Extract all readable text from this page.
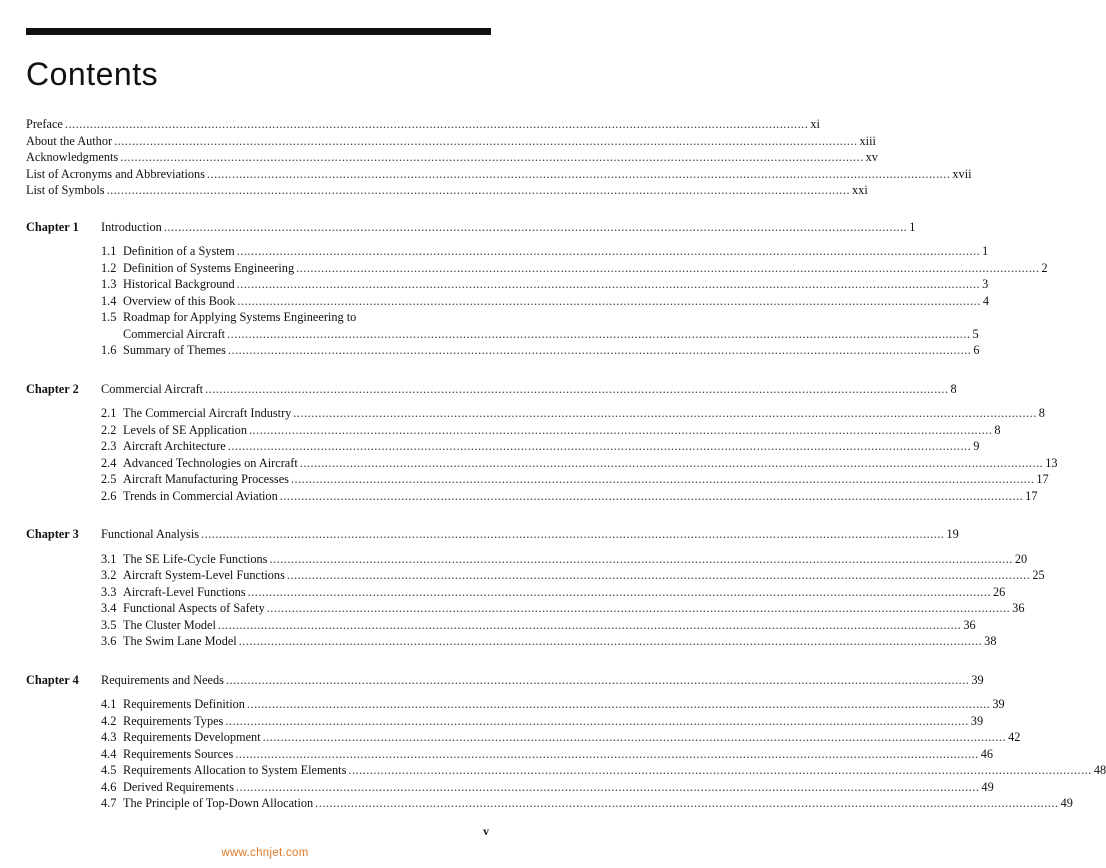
Contents
Preface .....	xi
About the Author .....	xiii
Acknowledgments .....	xv
List of Acronyms and Abbreviations .....	xvii
List of Symbols .....	xxi
Chapter 1	Introduction .....	1
1.1 Definition of a System .....	1
1.2 Definition of Systems Engineering .....	2
1.3 Historical Background .....	3
1.4 Overview of this Book .....	4
1.5 Roadmap for Applying Systems Engineering to
Commercial Aircraft .....	5
1.6 Summary of Themes .....	6
Chapter 2	Commercial Aircraft .....	8
2.1 The Commercial Aircraft Industry .....	8
2.2 Levels of SE Application .....	8
2.3 Aircraft Architecture .....	9
2.4 Advanced Technologies on Aircraft .....	13
2.5 Aircraft Manufacturing Processes .....	17
2.6 Trends in Commercial Aviation .....	17
Chapter 3	Functional Analysis .....	19
3.1 The SE Life-Cycle Functions .....	20
3.2 Aircraft System-Level Functions .....	25
3.3 Aircraft-Level Functions .....	26
3.4 Functional Aspects of Safety .....	36
3.5 The Cluster Model .....	36
3.6 The Swim Lane Model .....	38
Chapter 4	Requirements and Needs .....	39
4.1 Requirements Definition .....	39
4.2 Requirements Types .....	39
4.3 Requirements Development .....	42
4.4 Requirements Sources .....	46
4.5 Requirements Allocation to System Elements .....	48
4.6 Derived Requirements .....	49
4.7 The Principle of Top-Down Allocation .....	49
v
www.chnjet.com
